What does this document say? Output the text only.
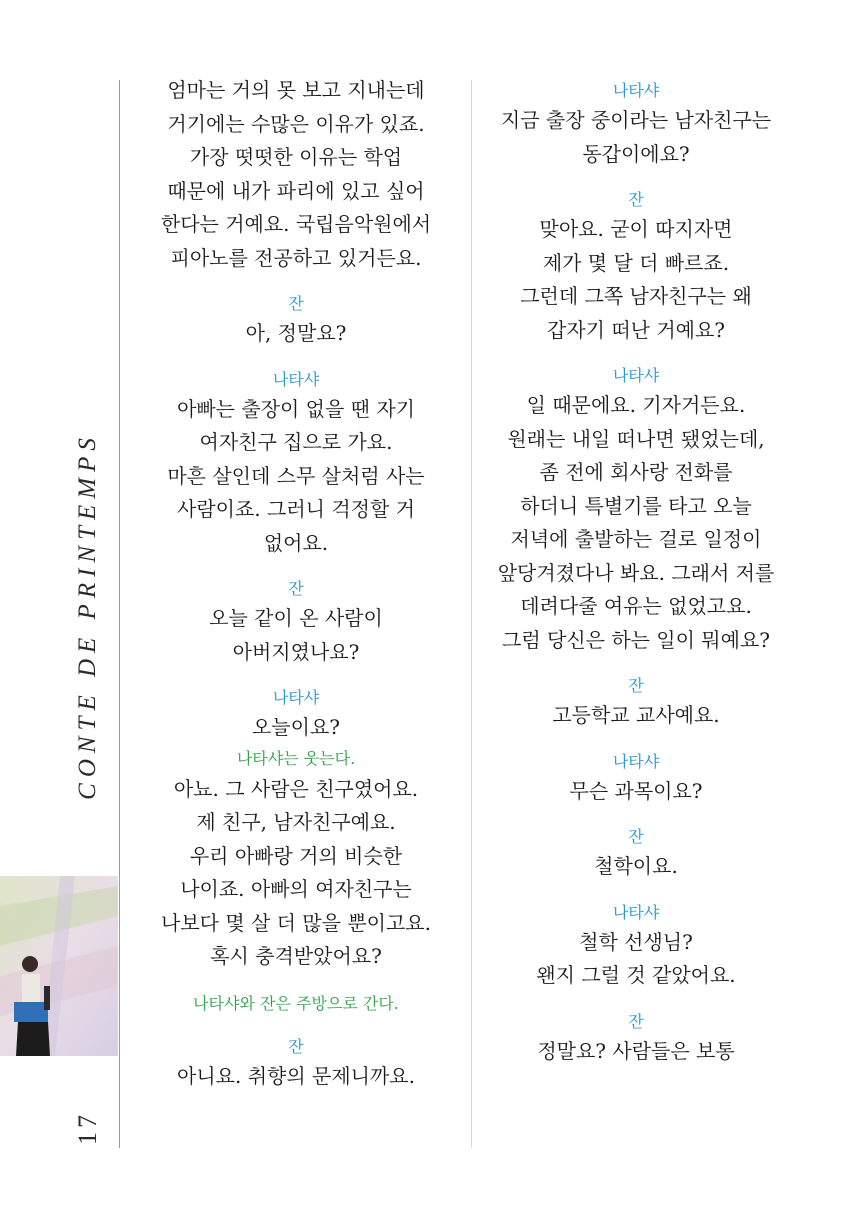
CONTE DE PRINTEMPS
17
엄마는 거의 못 보고 지내는데
거기에는 수많은 이유가 있죠.
가장 떳떳한 이유는 학업
때문에 내가 파리에 있고 싶어
한다는 거예요. 국립음악원에서
피아노를 전공하고 있거든요.
잔
아, 정말요?
나타샤
아빠는 출장이 없을 땐 자기
여자친구 집으로 가요.
마흔 살인데 스무 살처럼 사는
사람이죠. 그러니 걱정할 거
없어요.
잔
오늘 같이 온 사람이
아버지였나요?
나타샤
오늘이요?
나타샤는 웃는다.
아뇨. 그 사람은 친구였어요.
제 친구, 남자친구예요.
우리 아빠랑 거의 비슷한
나이죠. 아빠의 여자친구는
나보다 몇 살 더 많을 뿐이고요.
혹시 충격받았어요?
나타샤와 잔은 주방으로 간다.
잔
아니요. 취향의 문제니까요.
나타샤
지금 출장 중이라는 남자친구는
동갑이에요?
잔
맞아요. 굳이 따지자면
제가 몇 달 더 빠르죠.
그런데 그쪽 남자친구는 왜
갑자기 떠난 거예요?
나타샤
일 때문에요. 기자거든요.
원래는 내일 떠나면 됐었는데,
좀 전에 회사랑 전화를
하더니 특별기를 타고 오늘
저녁에 출발하는 걸로 일정이
앞당겨졌다나 봐요. 그래서 저를
데려다줄 여유는 없었고요.
그럼 당신은 하는 일이 뭐예요?
잔
고등학교 교사예요.
나타샤
무슨 과목이요?
잔
철학이요.
나타샤
철학 선생님?
왠지 그럴 것 같았어요.
잔
정말요? 사람들은 보통
